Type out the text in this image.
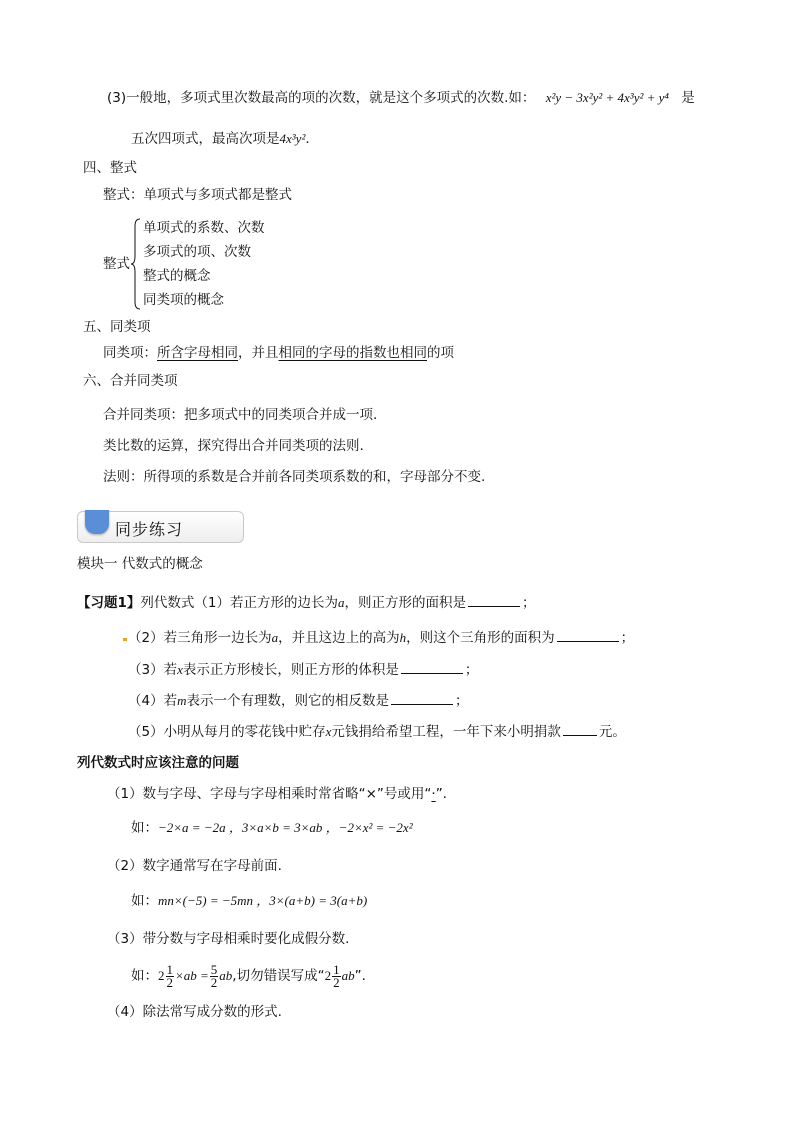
(3)一般地，多项式里次数最高的项的次数，就是这个多项式的次数.如： x²y − 3x²y² + 4x³y² + y⁴ 是
五次四项式，最高次项是4x³y².
四、整式
整式：单项式与多项式都是整式
整式
单项式的系数、次数
多项式的项、次数
整式的概念
同类项的概念
五、同类项
同类项：所含字母相同，并且相同的字母的指数也相同的项
六、合并同类项
合并同类项：把多项式中的同类项合并成一项.
类比数的运算，探究得出合并同类项的法则.
法则：所得项的系数是合并前各同类项系数的和，字母部分不变.
同步练习
模块一 代数式的概念
【习题1】列代数式（1）若正方形的边长为a，则正方形的面积是	；
（2）若三角形一边长为a，并且这边上的高为h，则这个三角形的面积为	；
（3）若x表示正方形棱长，则正方形的体积是	；
（4）若m表示一个有理数，则它的相反数是	；
（5）小明从每月的零花钱中贮存x元钱捐给希望工程，一年下来小明捐款	元。
列代数式时应该注意的问题
（1）数与字母、字母与字母相乘时常省略“×”号或用“·”.
如：−2×a = −2a ，3×a×b = 3×ab ，−2×x² = −2x²
（2）数字通常写在字母前面.
如：mn×(−5) = −5mn ，3×(a+b) = 3(a+b)
（3）带分数与字母相乘时要化成假分数.
如：$2 \frac{1}{2} \times ab = \frac{5}{2}$ ab,切勿错误写成“$2 \frac{1}{2}$ ab”.
（4）除法常写成分数的形式.
